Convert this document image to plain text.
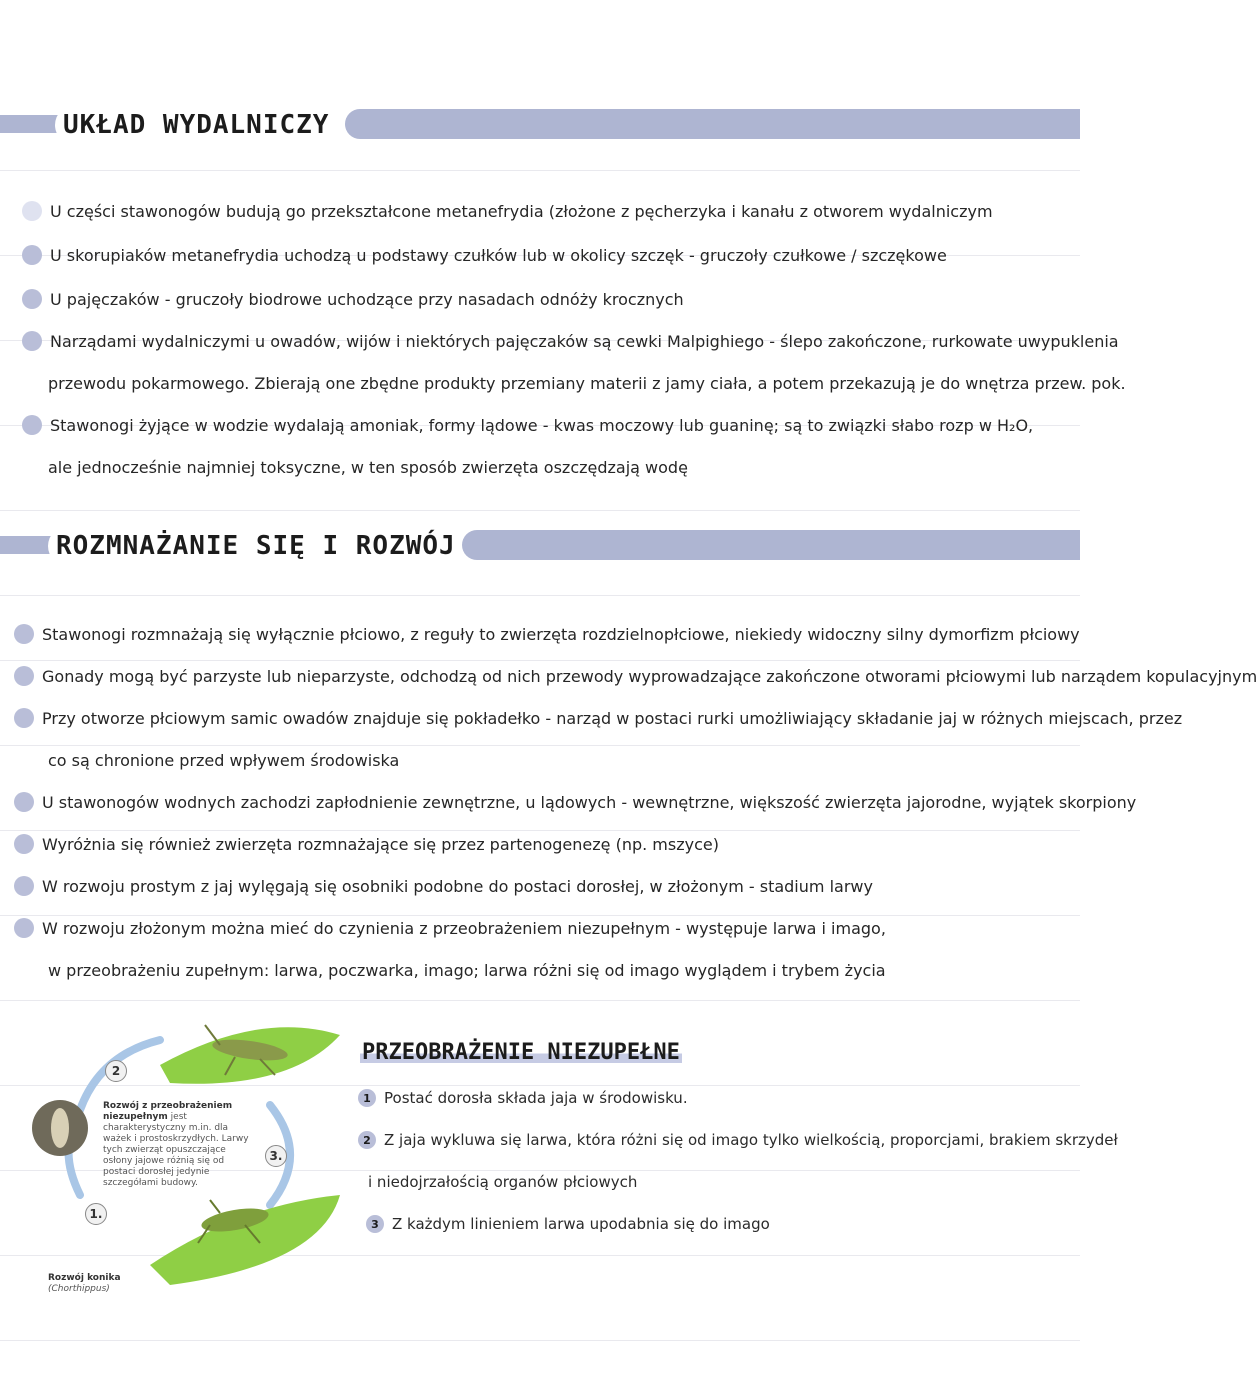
UKŁAD WYDALNICZY
U części stawonogów budują go przekształcone metanefrydia (złożone z pęcherzyka i kanału z otworem wydalniczym
U skorupiaków metanefrydia uchodzą u podstawy czułków lub w okolicy szczęk - gruczoły czułkowe / szczękowe
U pajęczaków - gruczoły biodrowe uchodzące przy nasadach odnóży krocznych
Narządami wydalniczymi u owadów, wijów i niektórych pajęczaków są cewki Malpighiego - ślepo zakończone, rurkowate uwypuklenia
przewodu pokarmowego. Zbierają one zbędne produkty przemiany materii z jamy ciała, a potem przekazują je do wnętrza przew. pok.
Stawonogi żyjące w wodzie wydalają amoniak, formy lądowe - kwas moczowy lub guaninę; są to związki słabo rozp w H₂O,
ale jednocześnie najmniej toksyczne, w ten sposób zwierzęta oszczędzają wodę
ROZMNAŻANIE SIĘ I ROZWÓJ
Stawonogi rozmnażają się wyłącznie płciowo, z reguły to zwierzęta rozdzielnopłciowe, niekiedy widoczny silny dymorfizm płciowy
Gonady mogą być parzyste lub nieparzyste, odchodzą od nich przewody wyprowadzające zakończone otworami płciowymi lub narządem kopulacyjnym
Przy otworze płciowym samic owadów znajduje się pokładełko - narząd w postaci rurki umożliwiający składanie jaj w różnych miejscach, przez
co są chronione przed wpływem środowiska
U stawonogów wodnych zachodzi zapłodnienie zewnętrzne, u lądowych - wewnętrzne, większość zwierzęta jajorodne, wyjątek skorpiony
Wyróżnia się również zwierzęta rozmnażające się przez partenogenezę (np. mszyce)
W rozwoju prostym z jaj wylęgają się osobniki podobne do postaci dorosłej, w złożonym - stadium larwy
W rozwoju złożonym można mieć do czynienia z przeobrażeniem niezupełnym - występuje larwa i imago,
w przeobrażeniu zupełnym: larwa, poczwarka, imago; larwa różni się od imago wyglądem i trybem życia
2
3.
1.
Rozwój z przeobrażeniem niezupełnym jest charakterystyczny m.in. dla ważek i prostoskrzydłych. Larwy tych zwierząt opuszczające osłony jajowe różnią się od postaci dorosłej jedynie szczegółami budowy.
Rozwój konika
(Chorthippus)
PRZEOBRAŻENIE NIEZUPEŁNE
1 Postać dorosła składa jaja w środowisku.
2 Z jaja wykluwa się larwa, która różni się od imago tylko wielkością, proporcjami, brakiem skrzydeł
i niedojrzałością organów płciowych
3 Z każdym linieniem larwa upodabnia się do imago
